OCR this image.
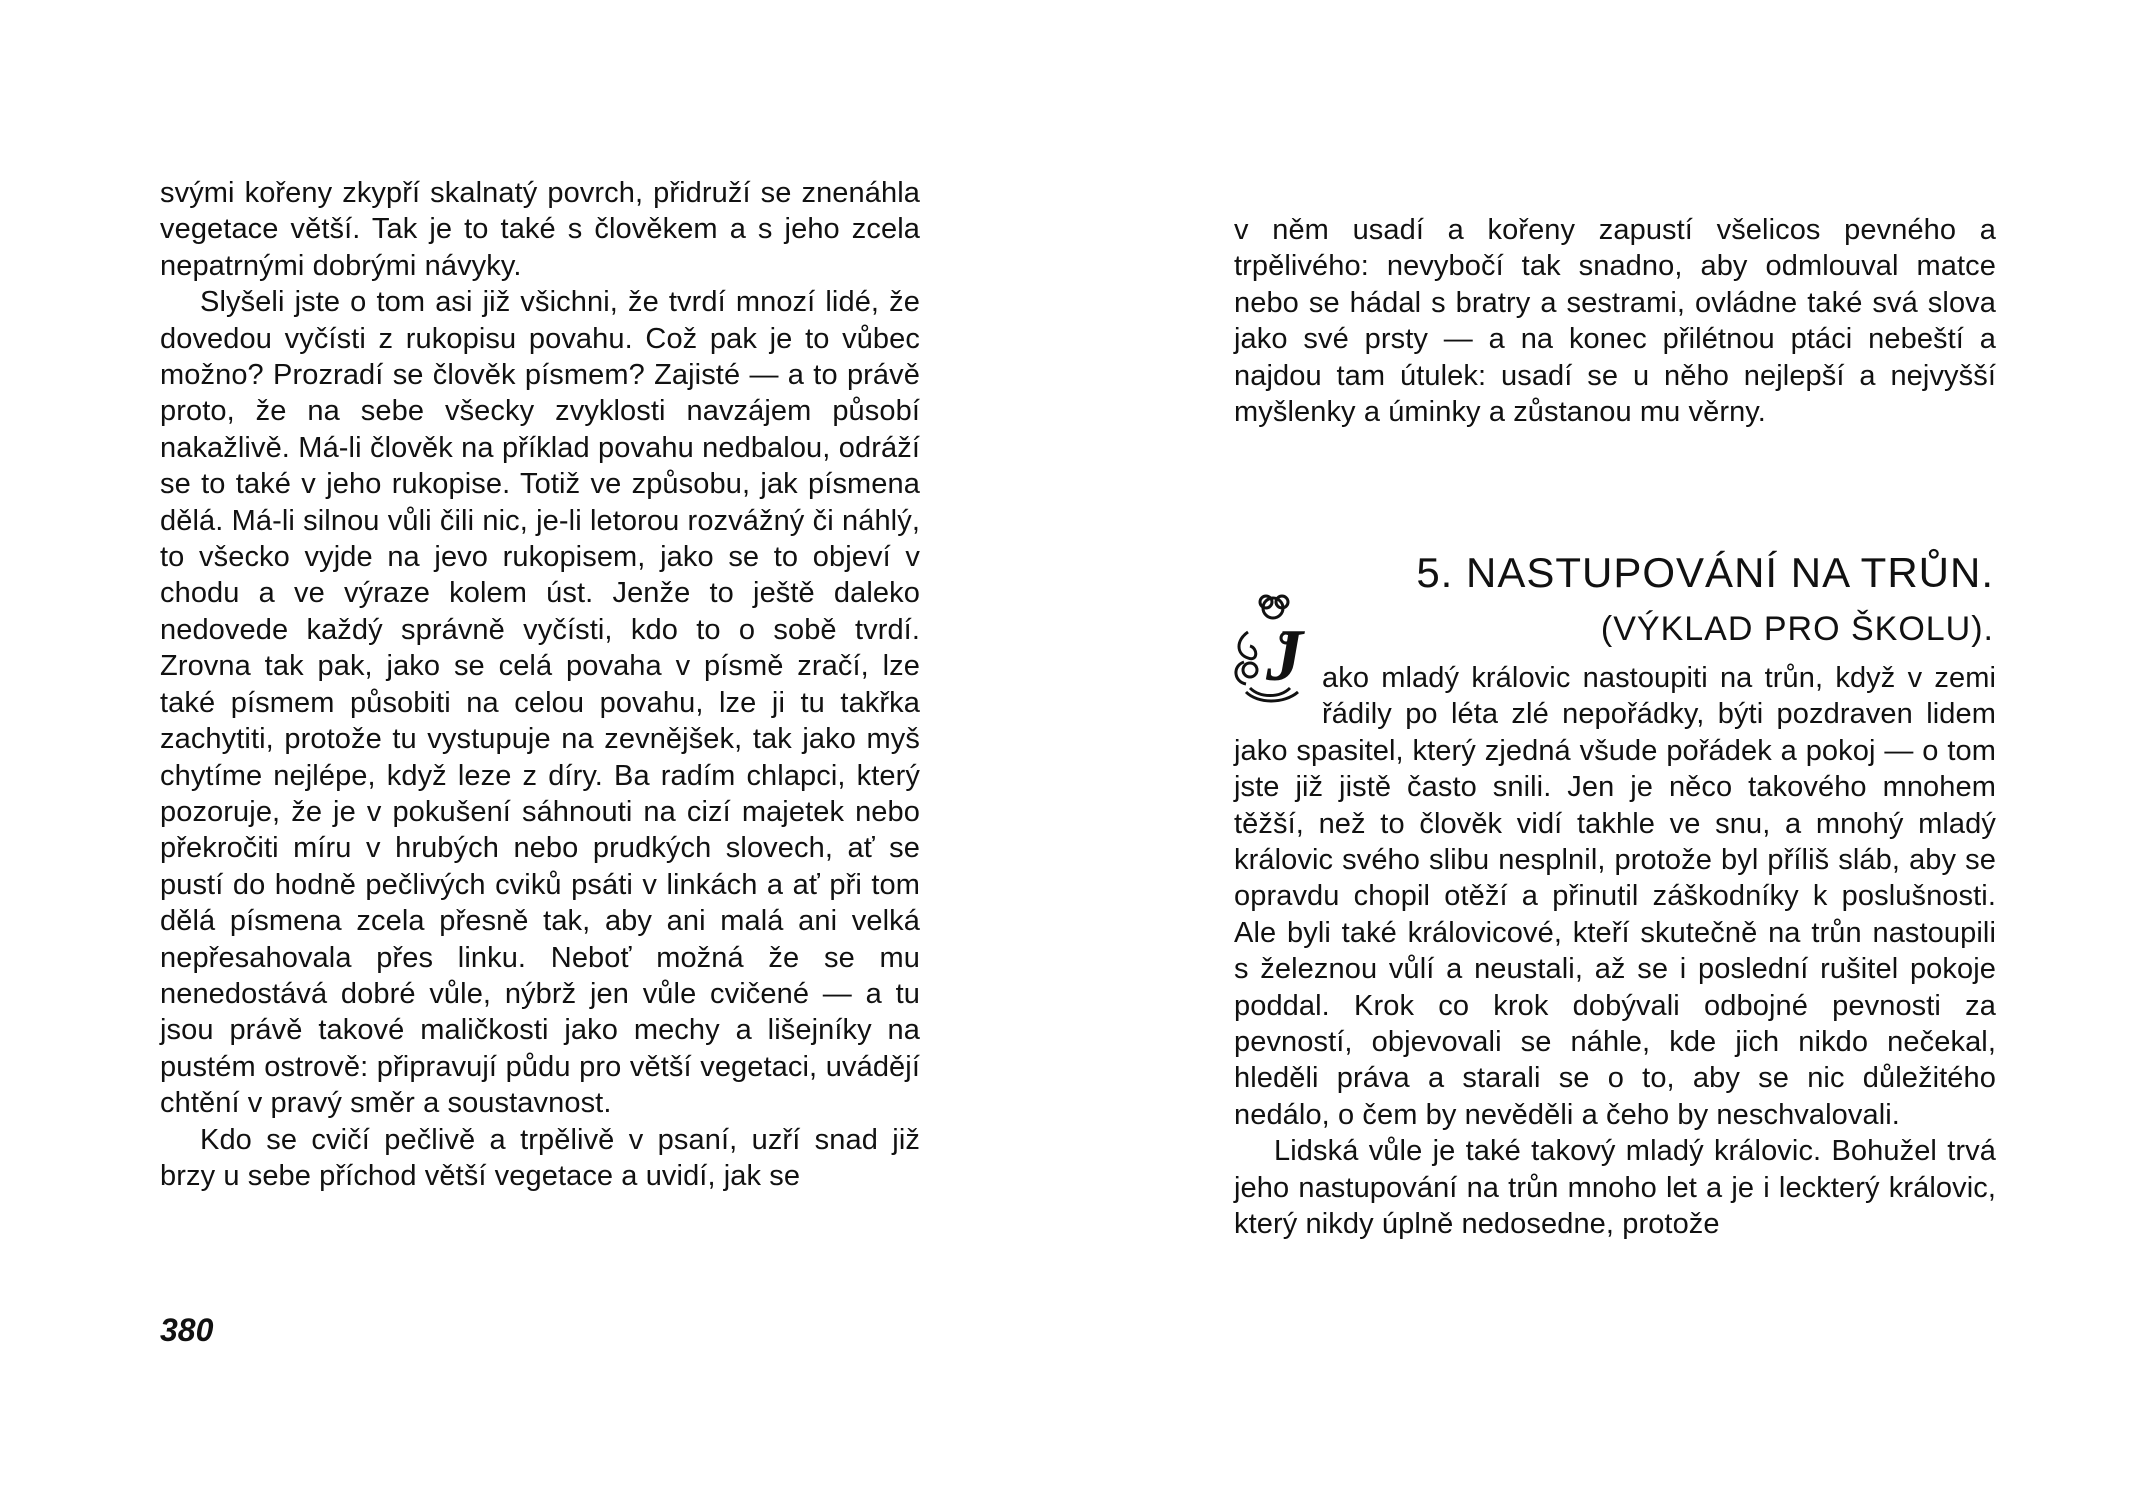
svými kořeny zkypří skalnatý povrch, přidruží se znenáhla vegetace větší. Tak je to také s člověkem a s jeho zcela nepatrnými dobrými návyky.

Slyšeli jste o tom asi již všichni, že tvrdí mnozí lidé, že dovedou vyčísti z rukopisu povahu. Což pak je to vůbec možno? Prozradí se člověk písmem? Zajisté — a to právě proto, že na sebe všecky zvyklosti navzájem působí nakažlivě. Má-li člověk na příklad povahu nedbalou, odráží se to také v jeho rukopise. Totiž ve způsobu, jak písmena dělá. Má-li silnou vůli čili nic, je-li letorou rozvážný či náhlý, to všecko vyjde na jevo rukopisem, jako se to objeví v chodu a ve výraze kolem úst. Jenže to ještě daleko nedovede každý správně vyčísti, kdo to o sobě tvrdí. Zrovna tak pak, jako se celá povaha v písmě zračí, lze také písmem působiti na celou povahu, lze ji tu takřka zachytiti, protože tu vystupuje na zevnějšek, tak jako myš chytíme nejlépe, když leze z díry. Ba radím chlapci, který pozoruje, že je v pokušení sáhnouti na cizí majetek nebo překročiti míru v hrubých nebo prudkých slovech, ať se pustí do hodně pečlivých cviků psáti v linkách a ať při tom dělá písmena zcela přesně tak, aby ani malá ani velká nepřesahovala přes linku. Neboť možná že se mu nenedostává dobré vůle, nýbrž jen vůle cvičené — a tu jsou právě takové maličkosti jako mechy a lišejníky na pustém ostrově: připravují půdu pro větší vegetaci, uvádějí chtění v pravý směr a soustavnost.

Kdo se cvičí pečlivě a trpělivě v psaní, uzří snad již brzy u sebe příchod větší vegetace a uvidí, jak se

380

v něm usadí a kořeny zapustí všelicos pevného a trpělivého: nevybočí tak snadno, aby odmlouval matce nebo se hádal s bratry a sestrami, ovládne také svá slova jako své prsty — a na konec přilétnou ptáci nebeští a najdou tam útulek: usadí se u něho nejlepší a nejvyšší myšlenky a úminky a zůstanou mu věrny.

5. NASTUPOVÁNÍ NA TRŮN.
(VÝKLAD PRO ŠKOLU).
J ako mladý královic nastoupiti na trůn, když v zemi řádily po léta zlé nepořádky, býti pozdraven lidem jako spasitel, který zjedná všude pořádek a pokoj — o tom jste již jistě často snili. Jen je něco takového mnohem těžší, než to člověk vidí takhle ve snu, a mnohý mladý královic svého slibu nesplnil, protože byl příliš sláb, aby se opravdu chopil otěží a přinutil záškodníky k poslušnosti. Ale byli také královicové, kteří skutečně na trůn nastoupili s železnou vůlí a neustali, až se i poslední rušitel pokoje poddal. Krok co krok dobývali odbojné pevnosti za pevností, objevovali se náhle, kde jich nikdo nečekal, hleděli práva a starali se o to, aby se nic důležitého nedálo, o čem by nevěděli a čeho by neschvalovali.

Lidská vůle je také takový mladý královic. Bohužel trvá jeho nastupování na trůn mnoho let a je i leckterý královic, který nikdy úplně nedosedne, protože
